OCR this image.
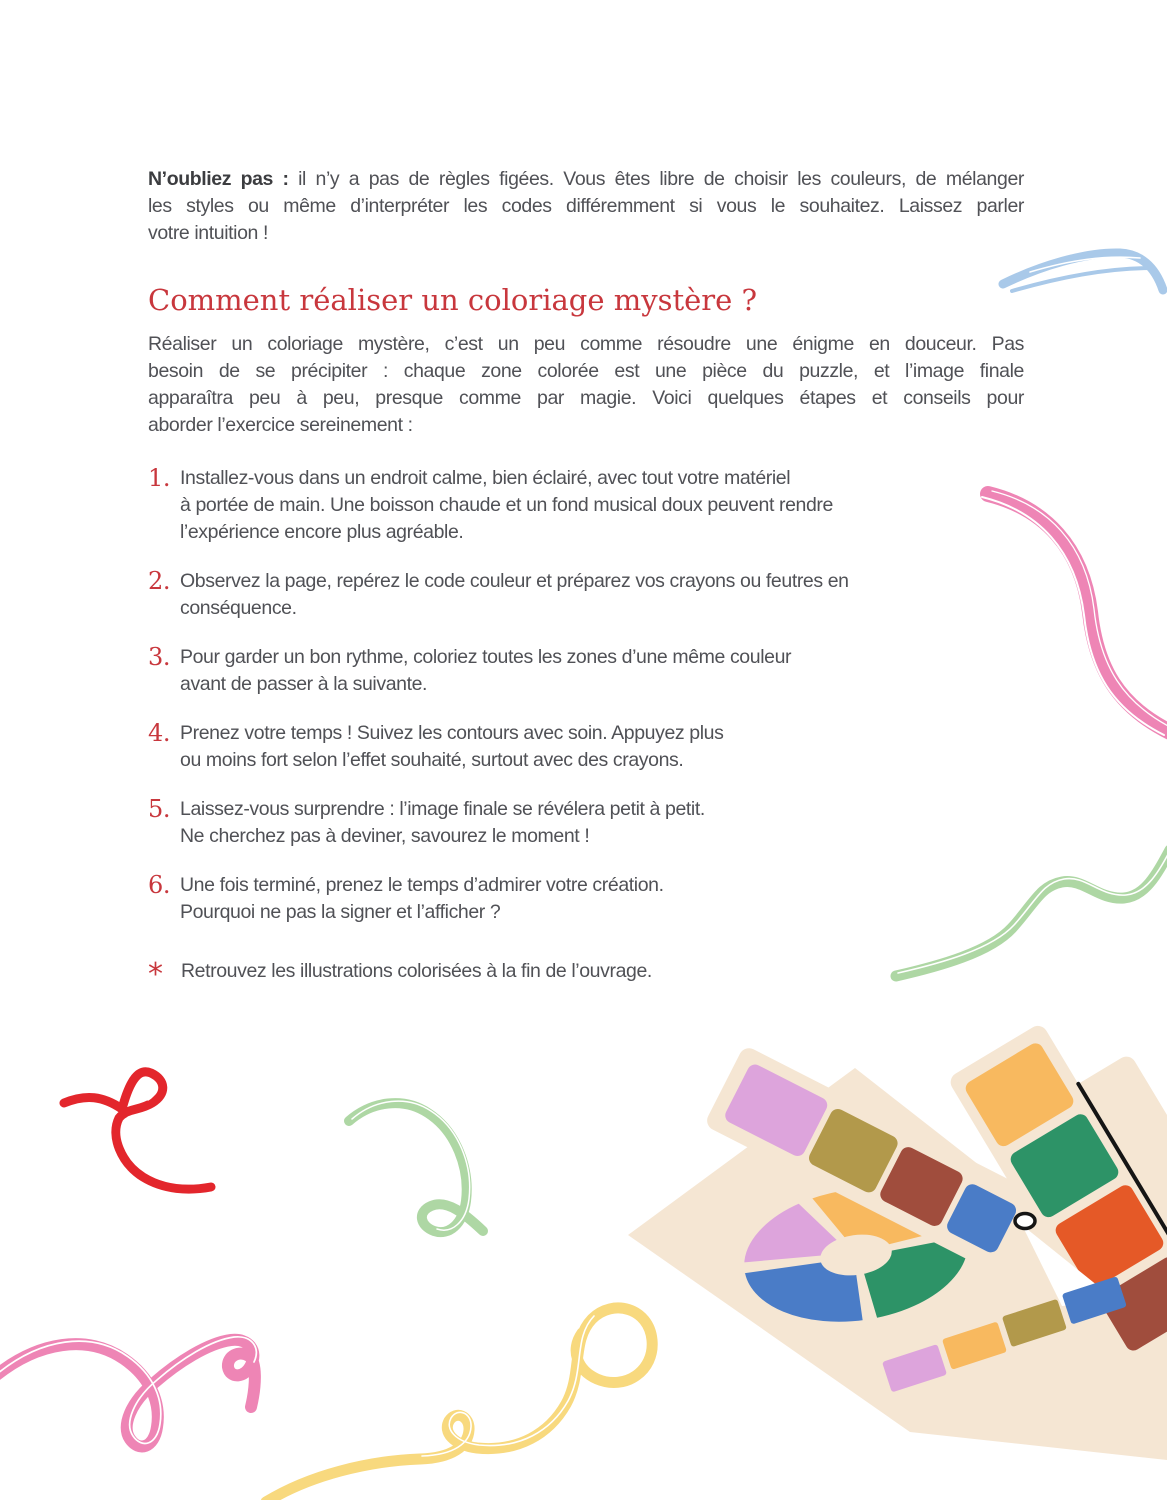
N’oubliez pas : il n’y a pas de règles figées. Vous êtes libre de choisir les couleurs, de mélanger
les styles ou même d’interpréter les codes différemment si vous le souhaitez. Laissez parler
votre intuition !

Comment réaliser un coloriage mystère ?

Réaliser un coloriage mystère, c’est un peu comme résoudre une énigme en douceur. Pas
besoin de se précipiter : chaque zone colorée est une pièce du puzzle, et l’image finale
apparaîtra peu à peu, presque comme par magie. Voici quelques étapes et conseils pour
aborder l’exercice sereinement :

1. Installez-vous dans un endroit calme, bien éclairé, avec tout votre matériel
à portée de main. Une boisson chaude et un fond musical doux peuvent rendre
l’expérience encore plus agréable.
2. Observez la page, repérez le code couleur et préparez vos crayons ou feutres en
conséquence.
3. Pour garder un bon rythme, coloriez toutes les zones d’une même couleur
avant de passer à la suivante.
4. Prenez votre temps ! Suivez les contours avec soin. Appuyez plus
ou moins fort selon l’effet souhaité, surtout avec des crayons.
5. Laissez-vous surprendre : l’image finale se révélera petit à petit.
Ne cherchez pas à deviner, savourez le moment !
6. Une fois terminé, prenez le temps d’admirer votre création.
Pourquoi ne pas la signer et l’afficher ?

* Retrouvez les illustrations colorisées à la fin de l’ouvrage.
